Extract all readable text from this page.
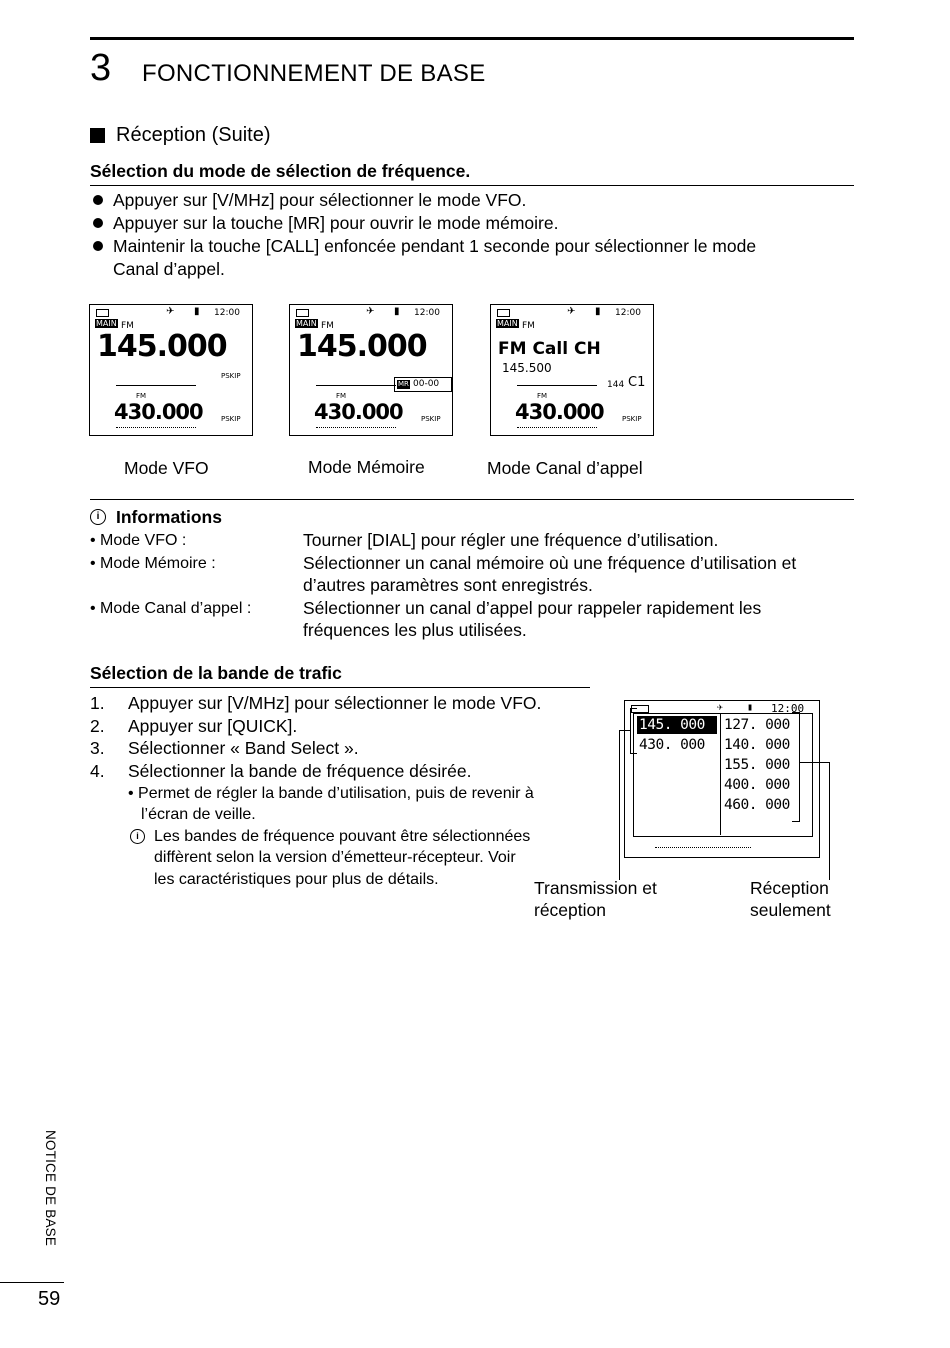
3 FONCTIONNEMENT DE BASE
Réception (Suite)
Sélection du mode de sélection de fréquence.
Appuyer sur [V/MHz] pour sélectionner le mode VFO.
Appuyer sur la touche [MR] pour ouvrir le mode mémoire.
Maintenir la touche [CALL] enfoncée pendant 1 seconde pour sélectionner le mode
Canal d’appel.
✈ ▮ 12:00
MAIN FM
145.000
PSKIP
FM
430.000	PSKIP
✈ ▮ 12:00
MAIN FM
145.000
MR 00-00
FM
430.000	PSKIP
✈ ▮ 12:00
MAIN FM
FM Call CH
145.500
144 C1
FM
430.000	PSKIP
Mode VFO	Mode Mémoire	Mode Canal d’appel
i Informations
• Mode VFO :	Tourner [DIAL] pour régler une fréquence d’utilisation.
• Mode Mémoire :	Sélectionner un canal mémoire où une fréquence d’utilisation et
d’autres paramètres sont enregistrés.
• Mode Canal d’appel :	Sélectionner un canal d’appel pour rappeler rapidement les
fréquences les plus utilisées.
Sélection de la bande de trafic
1. Appuyer sur [V/MHz] pour sélectionner le mode VFO.
2. Appuyer sur [QUICK].
3. Sélectionner « Band Select ».
4. Sélectionner la bande de fréquence désirée.
• Permet de régler la bande d’utilisation, puis de revenir à
l’écran de veille.
i Les bandes de fréquence pouvant être sélectionnées
diffèrent selon la version d’émetteur-récepteur. Voir
les caractéristiques pour plus de détails.
✈ ▮ 12:00
145. 000
430. 000
127. 000
140. 000
155. 000
400. 000
460. 000
Transmission et
réception
Réception
seulement
NOTICE DE BASE
59
